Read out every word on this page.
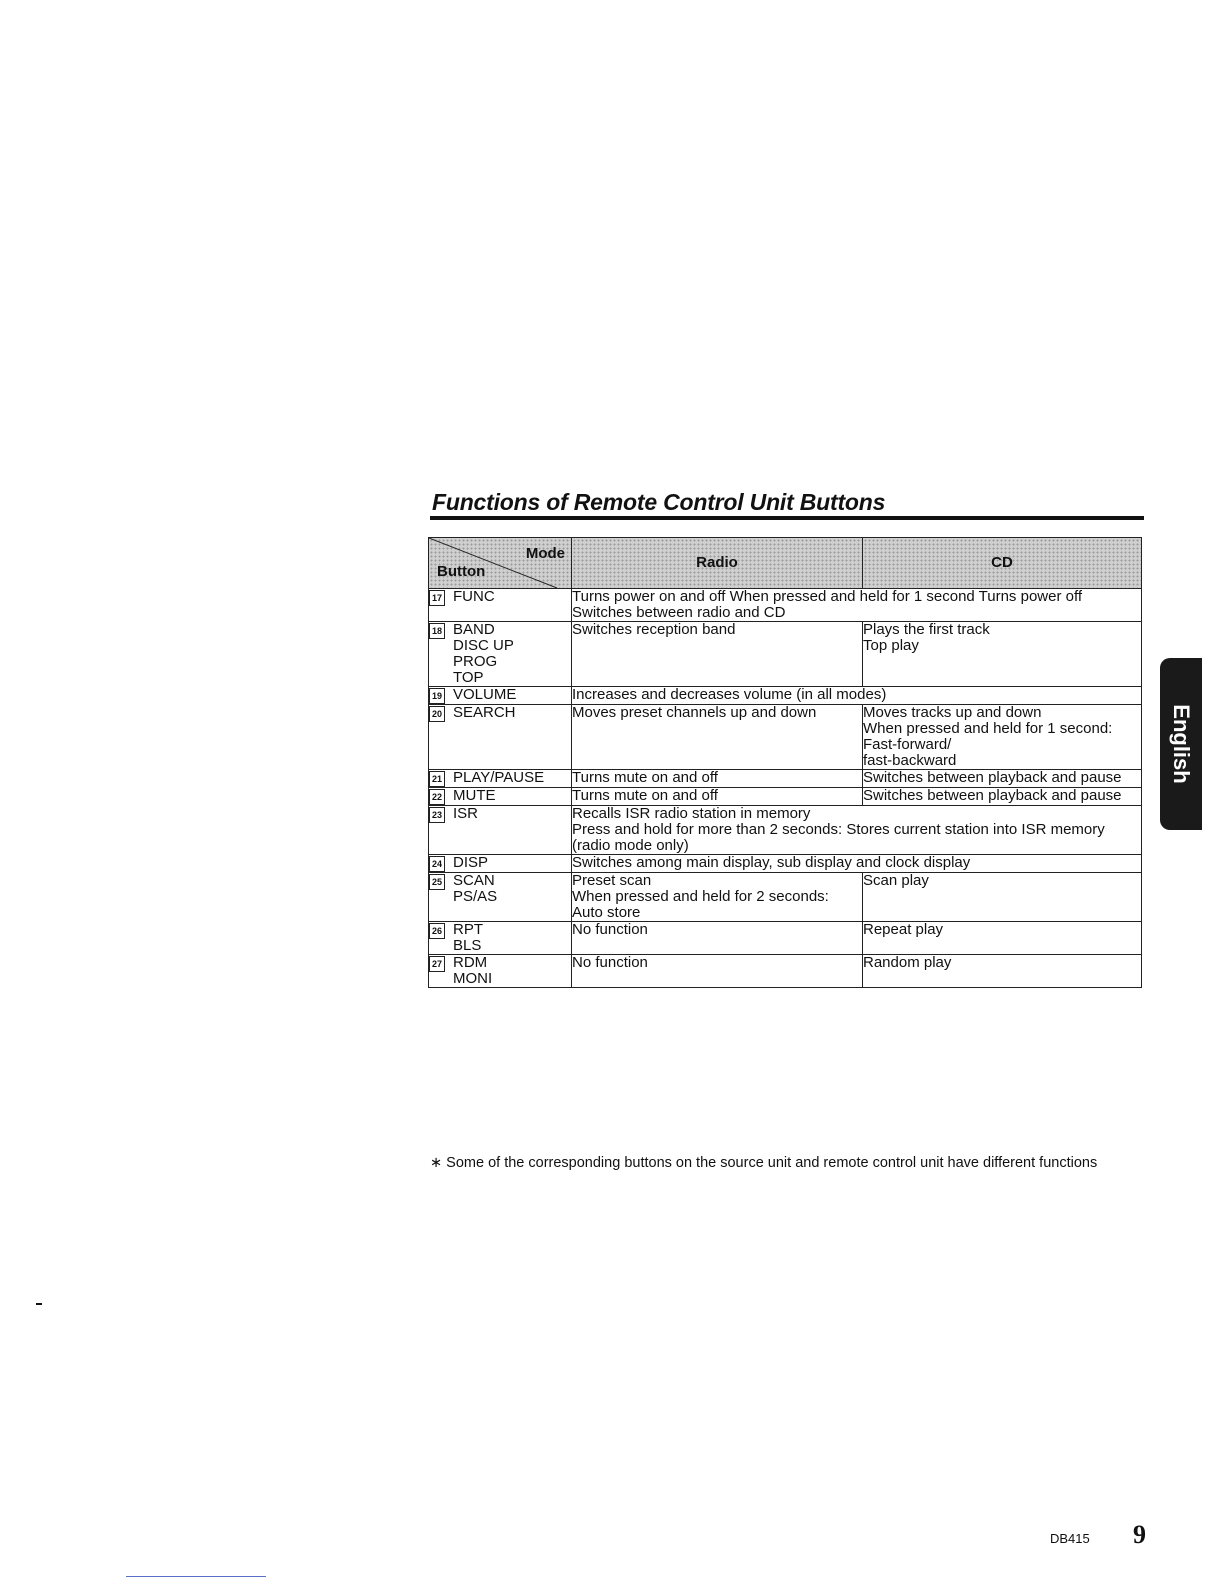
Functions of Remote Control Unit Buttons
Mode
Button	Radio	CD
17 FUNC	Turns power on and off When pressed and held for 1 second Turns power off
Switches between radio and CD	

18 BAND
DISC UP
PROG
TOP	Switches reception band	Plays the first track
Top play

19 VOLUME	Increases and decreases volume (in all modes)	

20 SEARCH	Moves preset channels up and down	Moves tracks up and down
When pressed and held for 1 second:
Fast-forward/
fast-backward

21 PLAY/PAUSE	Turns mute on and off	Switches between playback and pause

22 MUTE	Turns mute on and off	Switches between playback and pause

23 ISR	Recalls ISR radio station in memory
Press and hold for more than 2 seconds: Stores current station into ISR memory
(radio mode only)	

24 DISP	Switches among main display, sub display and clock display	

25 SCAN
PS/AS	Preset scan
When pressed and held for 2 seconds:
Auto store	Scan play

26 RPT
BLS	No function	Repeat play

27 RDM
MONI	No function	Random play
∗ Some of the corresponding buttons on the source unit and remote control unit have different functions
English
DB415 9
